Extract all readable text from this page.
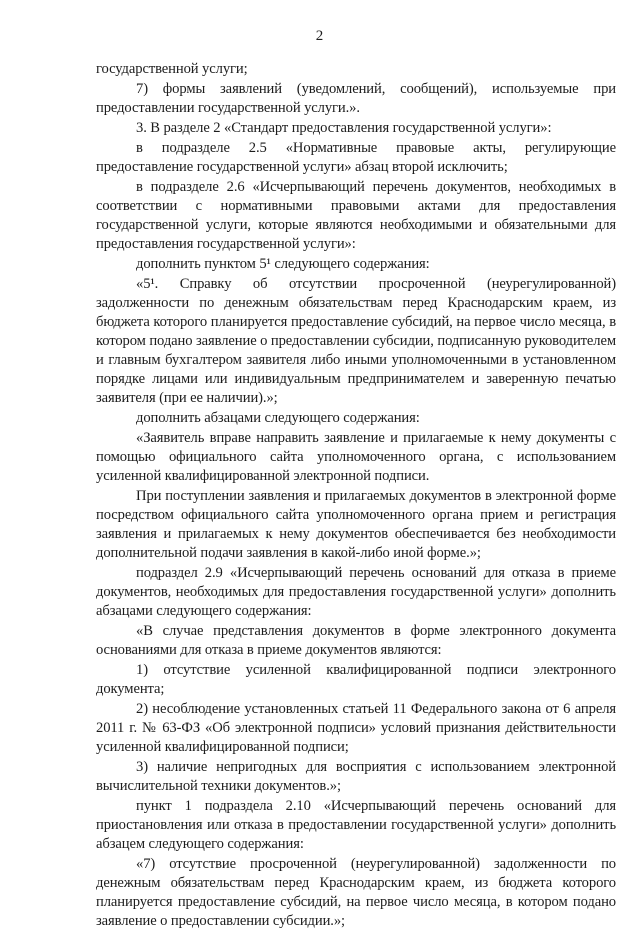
2

государственной услуги;

7) формы заявлений (уведомлений, сообщений), используемые при предоставлении государственной услуги.».

3. В разделе 2 «Стандарт предоставления государственной услуги»:

в подразделе 2.5 «Нормативные правовые акты, регулирующие предоставление государственной услуги» абзац второй исключить;

в подразделе 2.6 «Исчерпывающий перечень документов, необходимых в соответствии с нормативными правовыми актами для предоставления государственной услуги, которые являются необходимыми и обязательными для предоставления государственной услуги»:

дополнить пунктом 5¹ следующего содержания:

«5¹. Справку об отсутствии просроченной (неурегулированной) задолженности по денежным обязательствам перед Краснодарским краем, из бюджета которого планируется предоставление субсидий, на первое число месяца, в котором подано заявление о предоставлении субсидии, подписанную руководителем и главным бухгалтером заявителя либо иными уполномоченными в установленном порядке лицами или индивидуальным предпринимателем и заверенную печатью заявителя (при ее наличии).»;

дополнить абзацами следующего содержания:

«Заявитель вправе направить заявление и прилагаемые к нему документы с помощью официального сайта уполномоченного органа, с использованием усиленной квалифицированной электронной подписи.

При поступлении заявления и прилагаемых документов в электронной форме посредством официального сайта уполномоченного органа прием и регистрация заявления и прилагаемых к нему документов обеспечивается без необходимости дополнительной подачи заявления в какой-либо иной форме.»;

подраздел 2.9 «Исчерпывающий перечень оснований для отказа в приеме документов, необходимых для предоставления государственной услуги» дополнить абзацами следующего содержания:

«В случае представления документов в форме электронного документа основаниями для отказа в приеме документов являются:

1) отсутствие усиленной квалифицированной подписи электронного документа;

2) несоблюдение установленных статьей 11 Федерального закона от 6 апреля 2011 г. № 63-ФЗ «Об электронной подписи» условий признания действительности усиленной квалифицированной подписи;

3) наличие непригодных для восприятия с использованием электронной вычислительной техники документов.»;

пункт 1 подраздела 2.10 «Исчерпывающий перечень оснований для приостановления или отказа в предоставлении государственной услуги» дополнить абзацем следующего содержания:

«7) отсутствие просроченной (неурегулированной) задолженности по денежным обязательствам перед Краснодарским краем, из бюджета которого планируется предоставление субсидий, на первое число месяца, в котором подано заявление о предоставлении субсидии.»;
